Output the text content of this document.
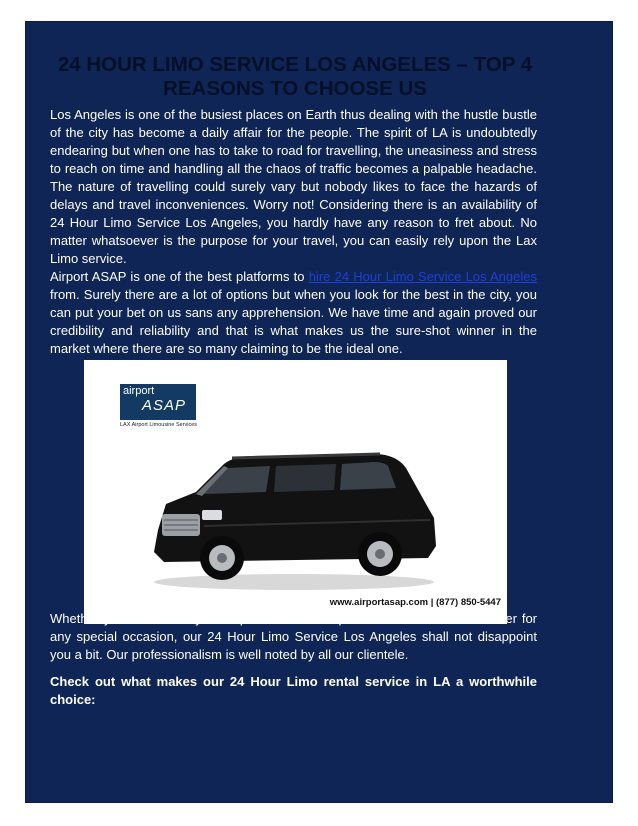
24 HOUR LIMO SERVICE LOS ANGELES – TOP 4 REASONS TO CHOOSE US

Los Angeles is one of the busiest places on Earth thus dealing with the hustle bustle of the city has become a daily affair for the people. The spirit of LA is undoubtedly endearing but when one has to take to road for travelling, the uneasiness and stress to reach on time and handling all the chaos of traffic becomes a palpable headache. The nature of travelling could surely vary but nobody likes to face the hazards of delays and travel inconveniences. Worry not! Considering there is an availability of 24 Hour Limo Service Los Angeles, you hardly have any reason to fret about. No matter whatsoever is the purpose for your travel, you can easily rely upon the Lax Limo service.

Airport ASAP is one of the best platforms to hire 24 Hour Limo Service Los Angeles from. Surely there are a lot of options but when you look for the best in the city, you can put your bet on us sans any apprehension. We have time and again proved our credibility and reliability and that is what makes us the sure-shot winner in the market where there are so many claiming to be the ideal one.

airport
ASAP
LAX Airport Limousine Services
www.airportasap.com | (877) 850-5447

Whether you hire us for your airport travel or corporate travel or for that matter for any special occasion, our 24 Hour Limo Service Los Angeles shall not disappoint you a bit. Our professionalism is well noted by all our clientele.

Check out what makes our 24 Hour Limo rental service in LA a worthwhile choice:
